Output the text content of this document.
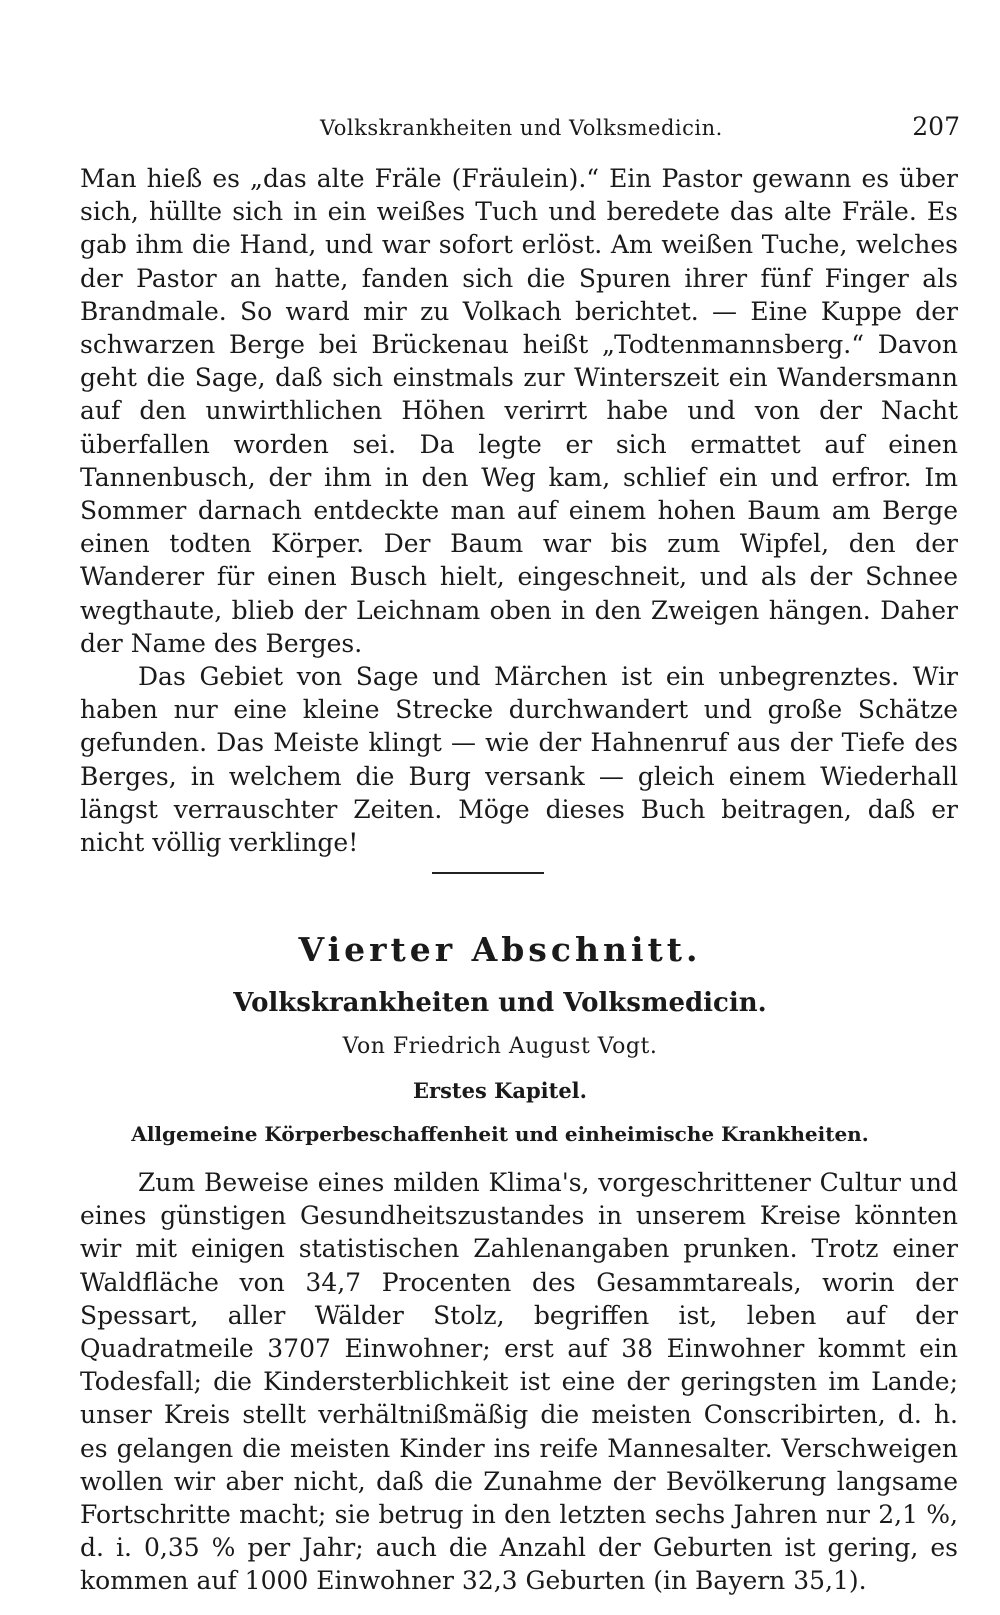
Volkskrankheiten und Volksmedicin.	207

Man hieß es „das alte Fräle (Fräulein).“ Ein Pastor gewann es über sich, hüllte sich in ein weißes Tuch und beredete das alte Fräle. Es gab ihm die Hand, und war sofort erlöst. Am weißen Tuche, welches der Pastor an hatte, fanden sich die Spuren ihrer fünf Finger als Brandmale. So ward mir zu Volkach berichtet. — Eine Kuppe der schwarzen Berge bei Brückenau heißt „Todtenmannsberg.“ Davon geht die Sage, daß sich einstmals zur Winterszeit ein Wandersmann auf den unwirthlichen Höhen verirrt habe und von der Nacht überfallen worden sei. Da legte er sich ermattet auf einen Tannenbusch, der ihm in den Weg kam, schlief ein und erfror. Im Sommer darnach entdeckte man auf einem hohen Baum am Berge einen todten Körper. Der Baum war bis zum Wipfel, den der Wanderer für einen Busch hielt, eingeschneit, und als der Schnee wegthaute, blieb der Leichnam oben in den Zweigen hängen. Daher der Name des Berges.

Das Gebiet von Sage und Märchen ist ein unbegrenztes. Wir haben nur eine kleine Strecke durchwandert und große Schätze gefunden. Das Meiste klingt — wie der Hahnenruf aus der Tiefe des Berges, in welchem die Burg versank — gleich einem Wiederhall längst verrauschter Zeiten. Möge dieses Buch beitragen, daß er nicht völlig verklinge!

Vierter Abschnitt.
Volkskrankheiten und Volksmedicin.
Von Friedrich August Vogt.
Erstes Kapitel.
Allgemeine Körperbeschaffenheit und einheimische Krankheiten.

Zum Beweise eines milden Klima's, vorgeschrittener Cultur und eines günstigen Gesundheitszustandes in unserem Kreise könnten wir mit einigen statistischen Zahlenangaben prunken. Trotz einer Waldfläche von 34,7 Procenten des Gesammtareals, worin der Spessart, aller Wälder Stolz, begriffen ist, leben auf der Quadratmeile 3707 Einwohner; erst auf 38 Einwohner kommt ein Todesfall; die Kindersterblichkeit ist eine der geringsten im Lande; unser Kreis stellt verhältnißmäßig die meisten Conscribirten, d. h. es gelangen die meisten Kinder ins reife Mannesalter. Verschweigen wollen wir aber nicht, daß die Zunahme der Bevölkerung langsame Fortschritte macht; sie betrug in den letzten sechs Jahren nur 2,1 %, d. i. 0,35 % per Jahr; auch die Anzahl der Geburten ist gering, es kommen auf 1000 Einwohner 32,3 Geburten (in Bayern 35,1).
